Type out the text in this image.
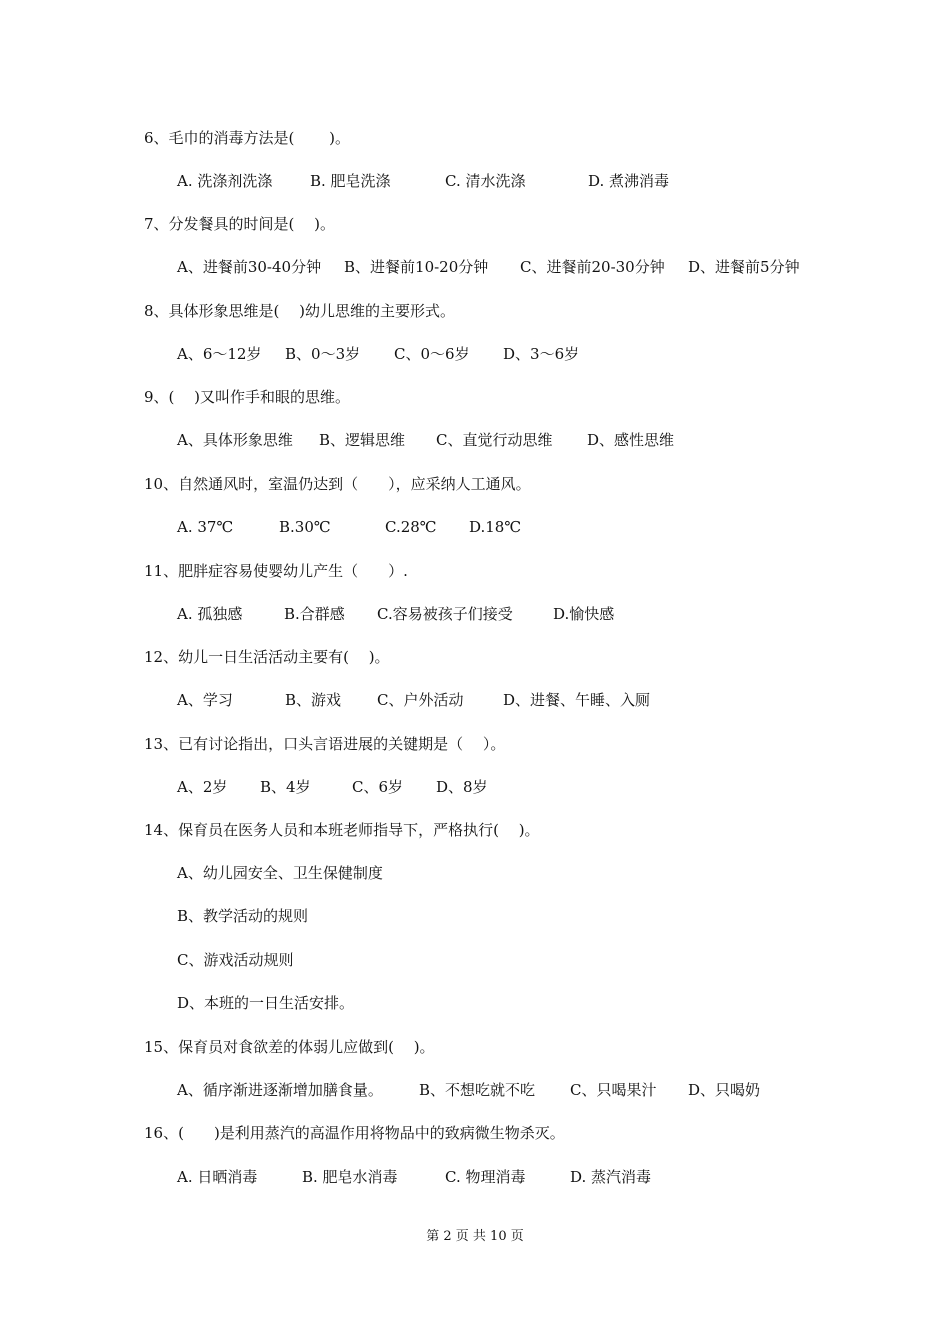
6、毛巾的消毒方法是(　　 )。

A. 洗涤剂洗涤

	B. 肥皂洗涤

	C. 清水洗涤

	D. 煮沸消毒

7、分发餐具的时间是(　 )。

A、进餐前30-40分钟

B、进餐前10-20分钟

C、进餐前20-30分钟

D、进餐前5分钟

8、具体形象思维是(　 )幼儿思维的主要形式。

A、6～12岁

B、0～3岁

C、0～6岁

D、3～6岁

9、(　 )又叫作手和眼的思维。

A、具体形象思维

B、逻辑思维

C、直觉行动思维

D、感性思维

10、自然通风时，室温仍达到（　　），应采纳人工通风。

A. 37℃

	B.30℃

	C.28℃

D.18℃

11、肥胖症容易使婴幼儿产生（　　）.

A. 孤独感

	B.合群感

C.容易被孩子们接受

	D.愉快感

12、幼儿一日生活活动主要有(　 )。

A、学习

	B、游戏

C、户外活动

	D、进餐、午睡、入厕

13、已有讨论指出，口头言语进展的关键期是（　 ）。

A、2岁

B、4岁

	C、6岁

D、8岁

14、保育员在医务人员和本班老师指导下，严格执行(　 )。
A、幼儿园安全、卫生保健制度
B、教学活动的规则
C、游戏活动规则
D、本班的一日生活安排。
15、保育员对食欲差的体弱儿应做到(　 )。

A、循序渐进逐渐增加膳食量。

B、不想吃就不吃

C、只喝果汁

D、只喝奶

16、(　　)是利用蒸汽的高温作用将物品中的致病微生物杀灭。

A. 日晒消毒

	B. 肥皂水消毒

	C. 物理消毒

	D. 蒸汽消毒

第 2 页 共 10 页
